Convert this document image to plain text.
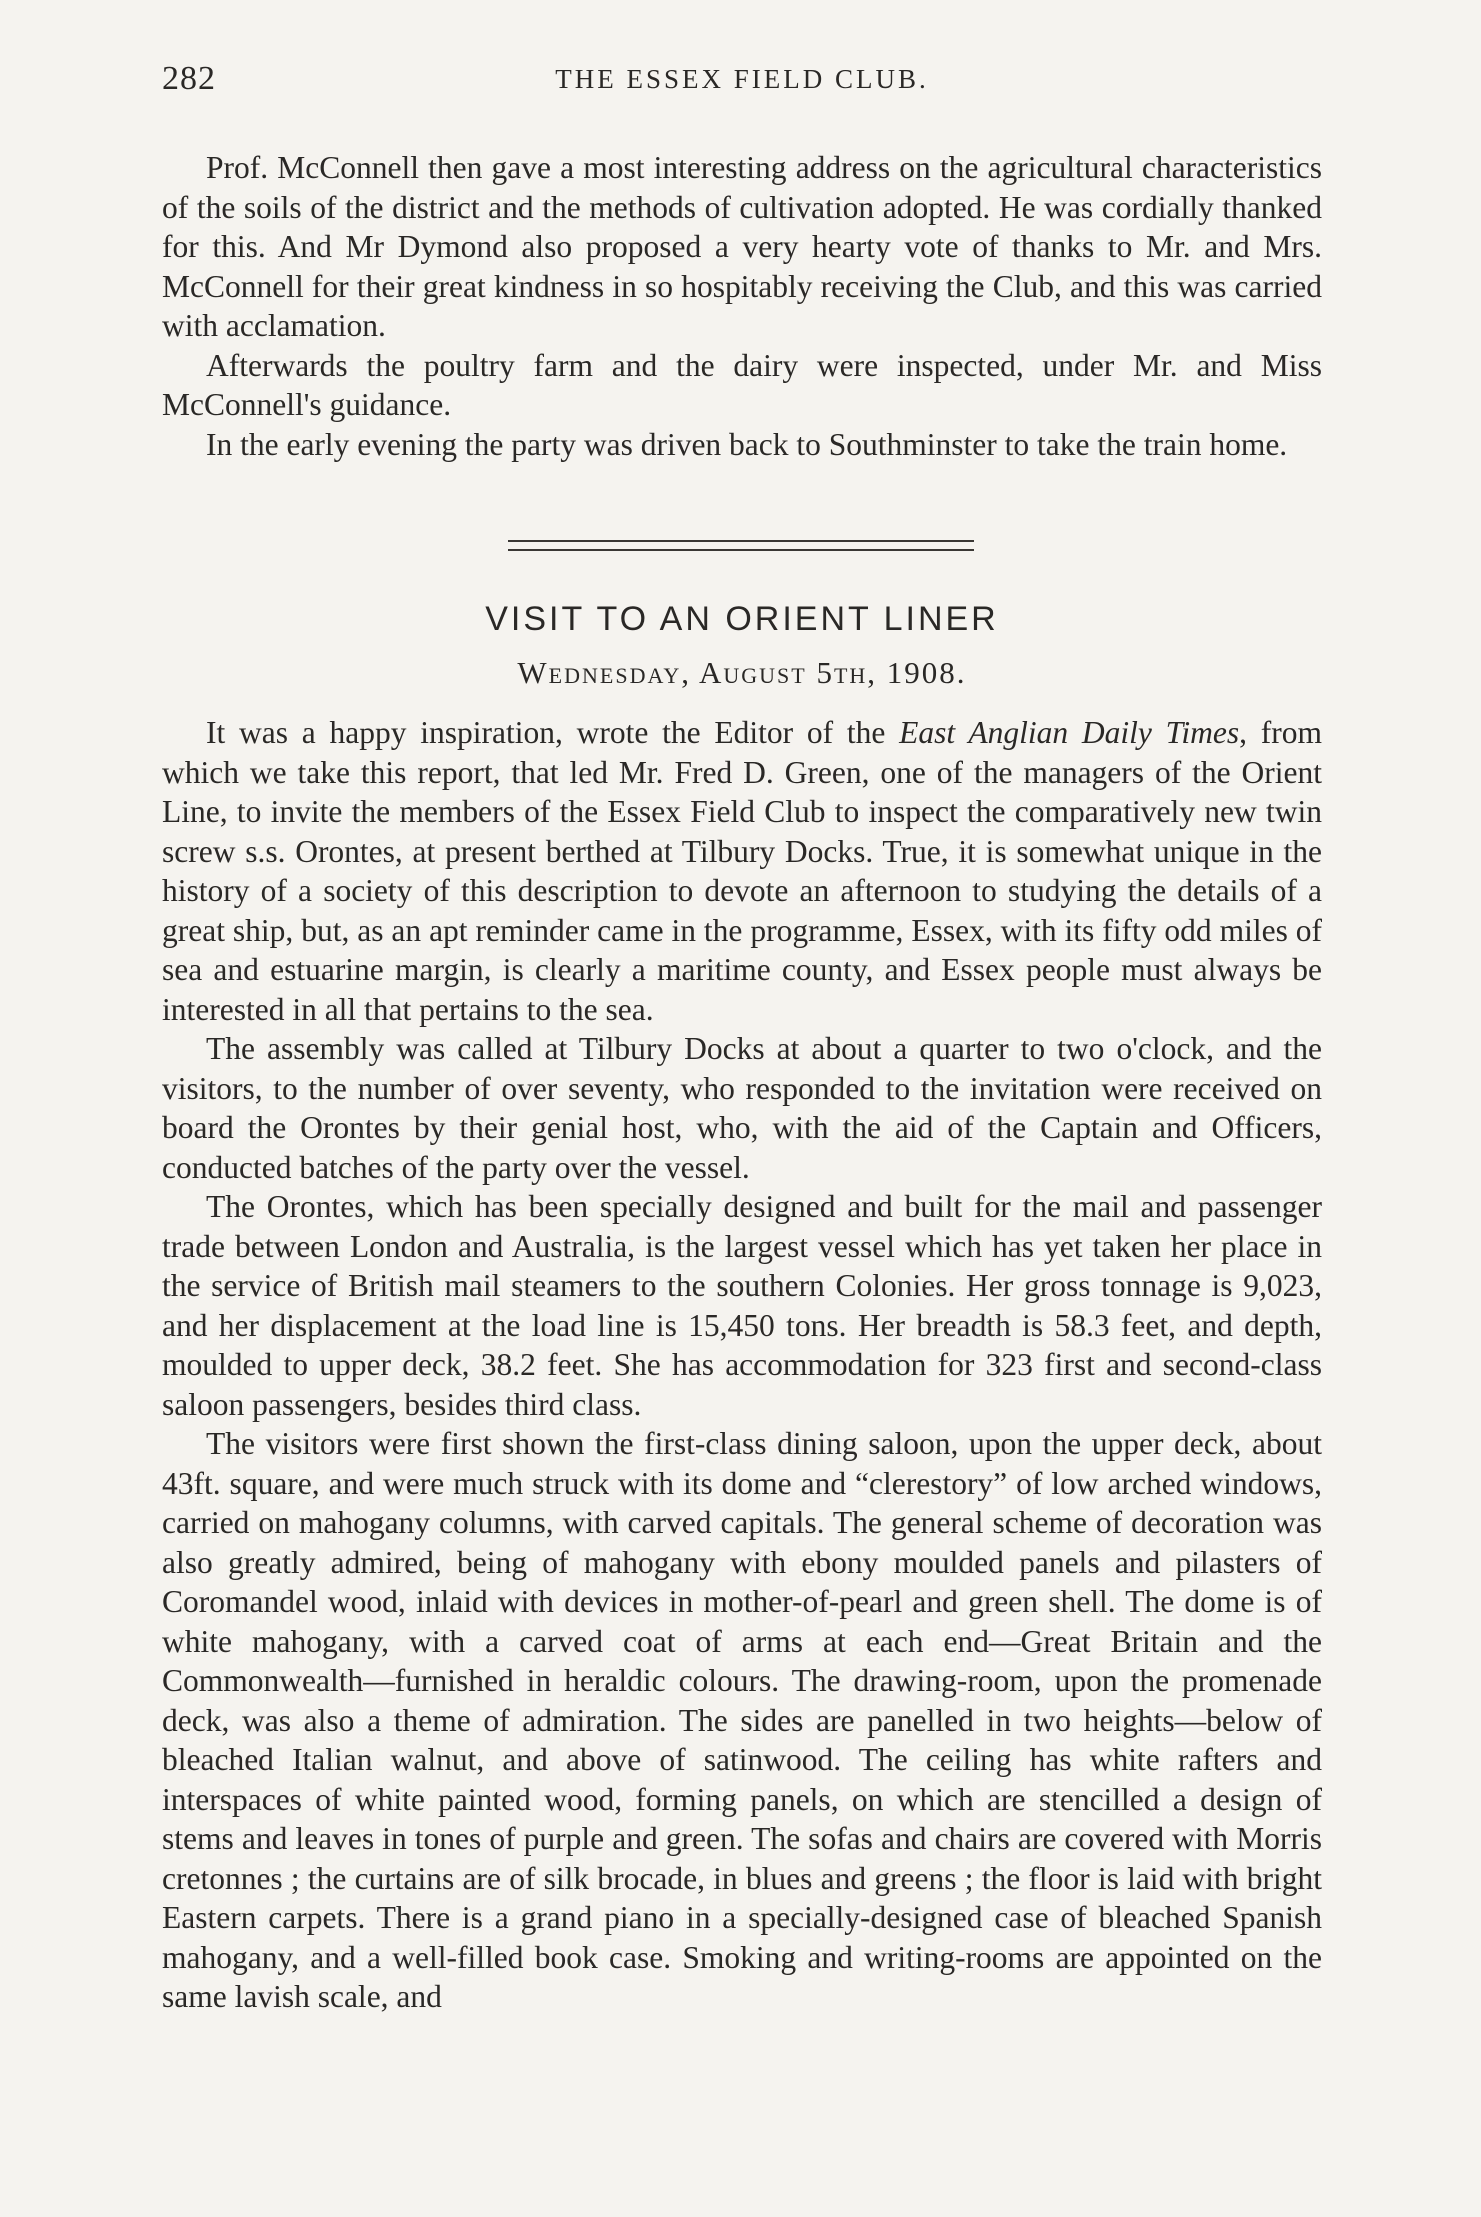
282	THE ESSEX FIELD CLUB.

Prof. McConnell then gave a most interesting address on the agricultural characteristics of the soils of the district and the methods of cultivation adopted. He was cordially thanked for this. And Mr Dymond also proposed a very hearty vote of thanks to Mr. and Mrs. McConnell for their great kindness in so hospitably receiving the Club, and this was carried with acclamation.

Afterwards the poultry farm and the dairy were inspected, under Mr. and Miss McConnell's guidance.

In the early evening the party was driven back to Southminster to take the train home.

VISIT TO AN ORIENT LINER
Wednesday, August 5th, 1908.

It was a happy inspiration, wrote the Editor of the East Anglian Daily Times, from which we take this report, that led Mr. Fred D. Green, one of the managers of the Orient Line, to invite the members of the Essex Field Club to inspect the comparatively new twin screw s.s. Orontes, at present berthed at Tilbury Docks. True, it is somewhat unique in the history of a society of this description to devote an afternoon to studying the details of a great ship, but, as an apt reminder came in the programme, Essex, with its fifty odd miles of sea and estuarine margin, is clearly a maritime county, and Essex people must always be interested in all that pertains to the sea.

The assembly was called at Tilbury Docks at about a quarter to two o'clock, and the visitors, to the number of over seventy, who responded to the invitation were received on board the Orontes by their genial host, who, with the aid of the Captain and Officers, conducted batches of the party over the vessel.

The Orontes, which has been specially designed and built for the mail and passenger trade between London and Australia, is the largest vessel which has yet taken her place in the service of British mail steamers to the southern Colonies. Her gross tonnage is 9,023, and her displacement at the load line is 15,450 tons. Her breadth is 58.3 feet, and depth, moulded to upper deck, 38.2 feet. She has accommodation for 323 first and second-class saloon passengers, besides third class.

The visitors were first shown the first-class dining saloon, upon the upper deck, about 43ft. square, and were much struck with its dome and “clerestory” of low arched windows, carried on mahogany columns, with carved capitals. The general scheme of decoration was also greatly admired, being of mahogany with ebony moulded panels and pilasters of Coromandel wood, inlaid with devices in mother-of-pearl and green shell. The dome is of white mahogany, with a carved coat of arms at each end—Great Britain and the Commonwealth—furnished in heraldic colours. The drawing-room, upon the promenade deck, was also a theme of admiration. The sides are panelled in two heights—below of bleached Italian walnut, and above of satinwood. The ceiling has white rafters and interspaces of white painted wood, forming panels, on which are stencilled a design of stems and leaves in tones of purple and green. The sofas and chairs are covered with Morris cretonnes ; the curtains are of silk brocade, in blues and greens ; the floor is laid with bright Eastern carpets. There is a grand piano in a specially-designed case of bleached Spanish mahogany, and a well-filled book case. Smoking and writing-rooms are appointed on the same lavish scale, and
